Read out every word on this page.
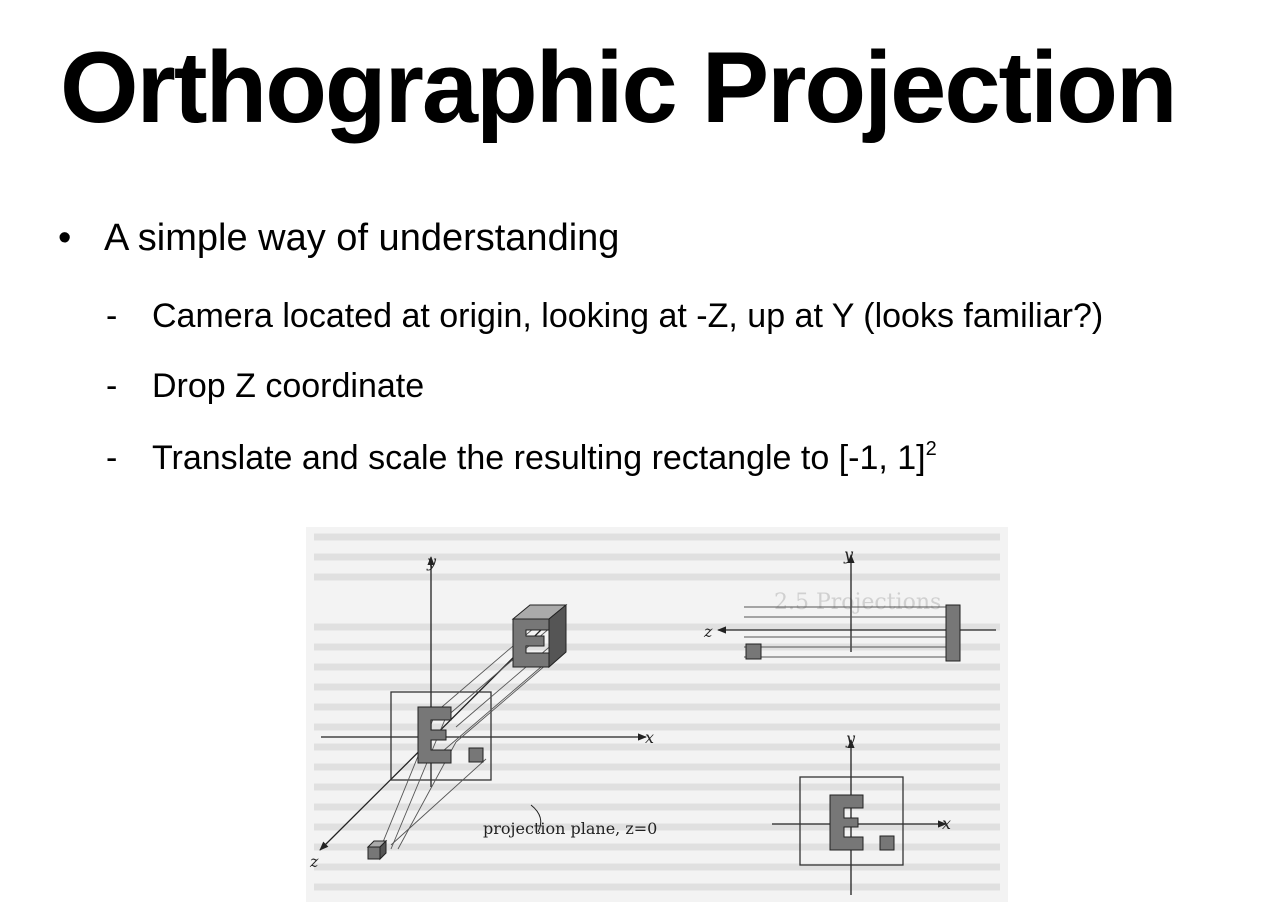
Orthographic Projection
• A simple way of understanding
- Camera located at origin, looking at -Z, up at Y (looks familiar?)
- Drop Z coordinate
- Translate and scale the resulting rectangle to [-1, 1]$^2$
2.5 Projections
y
x
z
projection plane, z=0
y
z
y
x
